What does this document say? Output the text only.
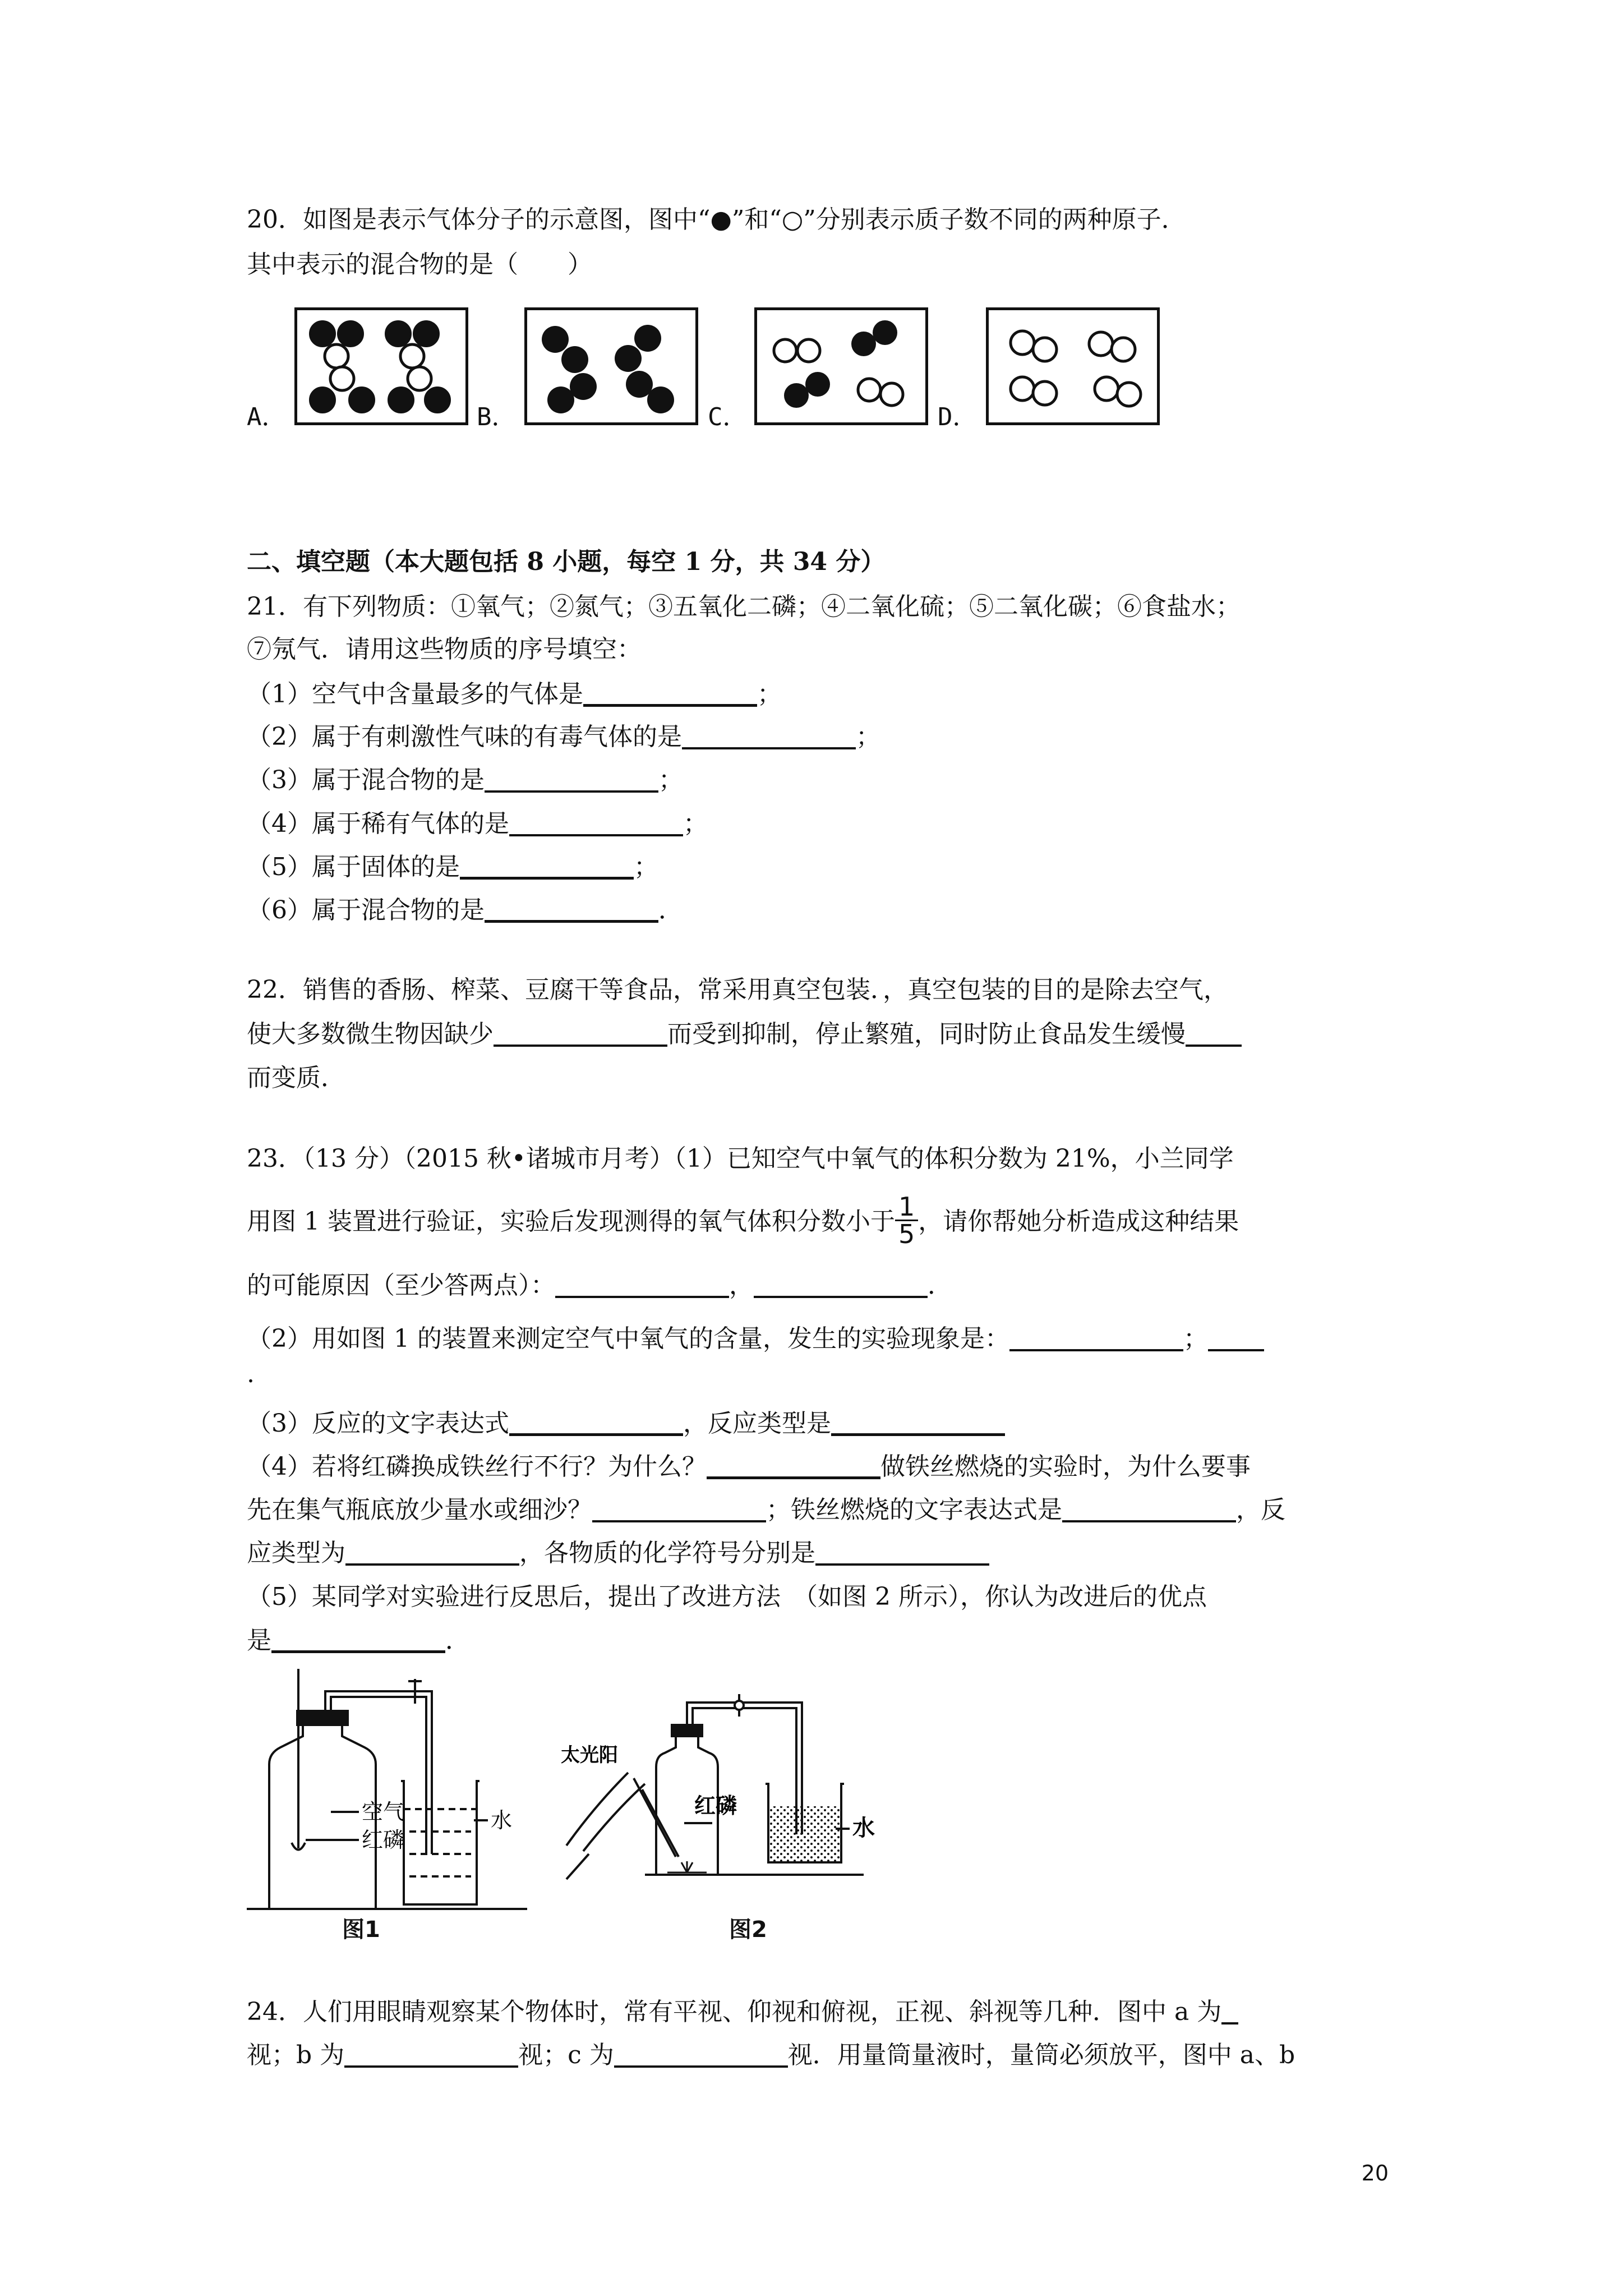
20．如图是表示气体分子的示意图，图中“●”和“○”分别表示质子数不同的两种原子．
其中表示的混合物的是（　　）
A．	B．	C．	D．
二、填空题（本大题包括 8 小题，每空 1 分，共 34 分）
21．有下列物质：①氧气；②氮气；③五氧化二磷；④二氧化硫；⑤二氧化碳；⑥食盐水；
⑦氖气．请用这些物质的序号填空：
（1）空气中含量最多的气体是	；
（2）属于有刺激性气味的有毒气体的是	；
（3）属于混合物的是	；
（4）属于稀有气体的是	；
（5）属于固体的是	；
（6）属于混合物的是	．
22．销售的香肠、榨菜、豆腐干等食品，常采用真空包装．，真空包装的目的是除去空气，
使大多数微生物因缺少	而受到抑制，停止繁殖，同时防止食品发生缓慢
而变质．
23．（13 分）（2015 秋•诸城市月考）（1）已知空气中氧气的体积分数为 21%，小兰同学
用图 1 装置进行验证，实验后发现测得的氧气体积分数小于 $\frac{1}{5}$ ，请你帮她分析造成这种结果
的可能原因（至少答两点）：	，	．
（2）用如图 1 的装置来测定空气中氧气的含量，发生的实验现象是：	；
.
（3）反应的文字表达式	，反应类型是
（4）若将红磷换成铁丝行不行？为什么？	做铁丝燃烧的实验时，为什么要事
先在集气瓶底放少量水或细沙？	；铁丝燃烧的文字表达式是	，反
应类型为	，各物质的化学符号分别是
（5）某同学对实验进行反思后，提出了改进方法　（如图 2 所示），你认为改进后的优点
是	．
空气
红磷
水
图1
太光阳
红磷
水
图2
24．人们用眼睛观察某个物体时，常有平视、仰视和俯视，正视、斜视等几种．图中 a 为
视；b 为	视；c 为	视．用量筒量液时，量筒必须放平，图中 a、b
20
